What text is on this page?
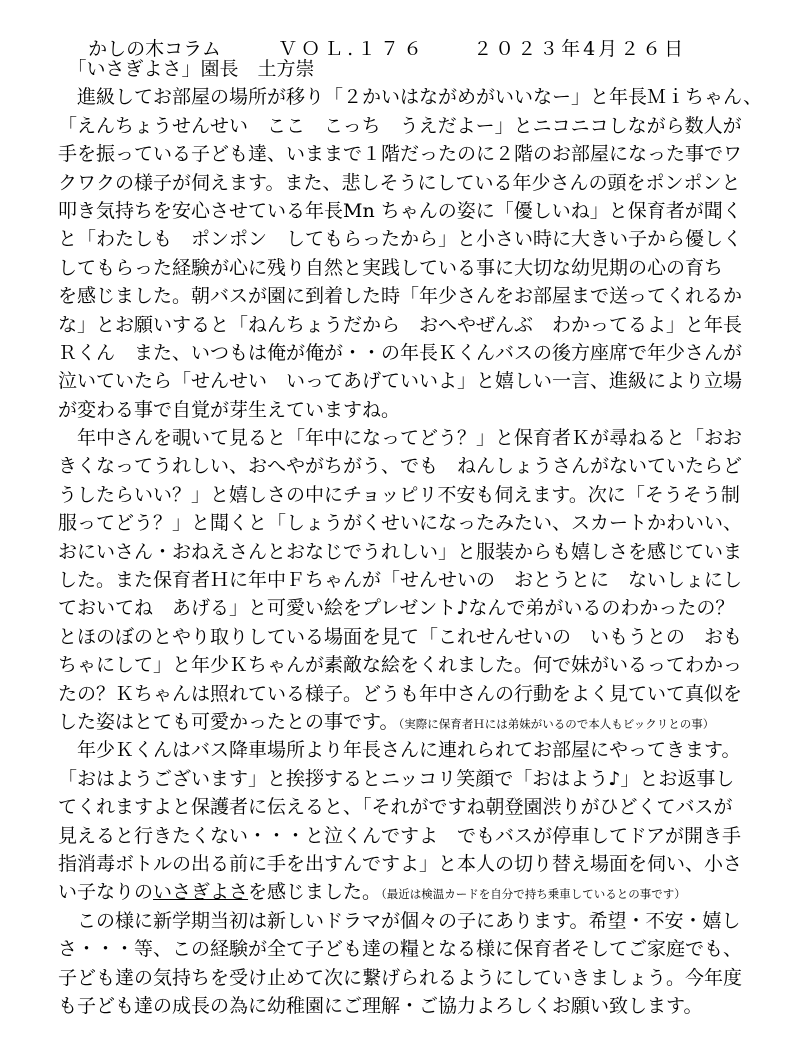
かしの木コラム	ＶＯＬ.１７６ ２０２３年4月２６日

　「いさぎよさ」園長　土方崇
　進級してお部屋の場所が移り「２かいはながめがいいなー」と年長Ｍｉちゃん、
「えんちょうせんせい　ここ　こっち　うえだよー」とニコニコしながら数人が
手を振っている子ども達、いままで１階だったのに２階のお部屋になった事でワ
クワクの様子が伺えます。また、悲しそうにしている年少さんの頭をポンポンと
叩き気持ちを安心させている年長Mn ちゃんの姿に「優しいね」と保育者が聞く
と「わたしも　ポンポン　してもらったから」と小さい時に大きい子から優しく
してもらった経験が心に残り自然と実践している事に大切な幼児期の心の育ち
を感じました。朝バスが園に到着した時「年少さんをお部屋まで送ってくれるか
な」とお願いすると「ねんちょうだから　おへやぜんぶ　わかってるよ」と年長
Ｒくん　また、いつもは俺が俺が・・の年長Ｋくんバスの後方座席で年少さんが
泣いていたら「せんせい　いってあげていいよ」と嬉しい一言、進級により立場
が変わる事で自覚が芽生えていますね。
　年中さんを覗いて見ると「年中になってどう？」と保育者Ｋが尋ねると「おお
きくなってうれしい、おへやがちがう、でも　ねんしょうさんがないていたらど
うしたらいい？」と嬉しさの中にチョッピリ不安も伺えます。次に「そうそう制
服ってどう？」と聞くと「しょうがくせいになったみたい、スカートかわいい、
おにいさん・おねえさんとおなじでうれしい」と服装からも嬉しさを感じていま
した。また保育者Ｈに年中Ｆちゃんが「せんせいの　おとうとに　ないしょにし
ておいてね　あげる」と可愛い絵をプレゼント♪なんで弟がいるのわかったの？
とほのぼのとやり取りしている場面を見て「これせんせいの　いもうとの　おも
ちゃにして」と年少Ｋちゃんが素敵な絵をくれました。何で妹がいるってわかっ
たの？Ｋちゃんは照れている様子。どうも年中さんの行動をよく見ていて真似を
した姿はとても可愛かったとの事です。（実際に保育者Ｈには弟妹がいるので本人もビックリとの事）
　年少Ｋくんはバス降車場所より年長さんに連れられてお部屋にやってきます。
「おはようございます」と挨拶するとニッコリ笑顔で「おはよう♪」とお返事し
てくれますよと保護者に伝えると、「それがですね朝登園渋りがひどくてバスが
見えると行きたくない・・・と泣くんですよ　でもバスが停車してドアが開き手
指消毒ボトルの出る前に手を出すんですよ」と本人の切り替え場面を伺い、小さ
い子なりのいさぎよさを感じました。（最近は検温カードを自分で持ち乗車しているとの事です）
　この様に新学期当初は新しいドラマが個々の子にあります。希望・不安・嬉し
さ・・・等、この経験が全て子ども達の糧となる様に保育者そしてご家庭でも、
子ども達の気持ちを受け止めて次に繋げられるようにしていきましょう。今年度
も子ども達の成長の為に幼稚園にご理解・ご協力よろしくお願い致します。
